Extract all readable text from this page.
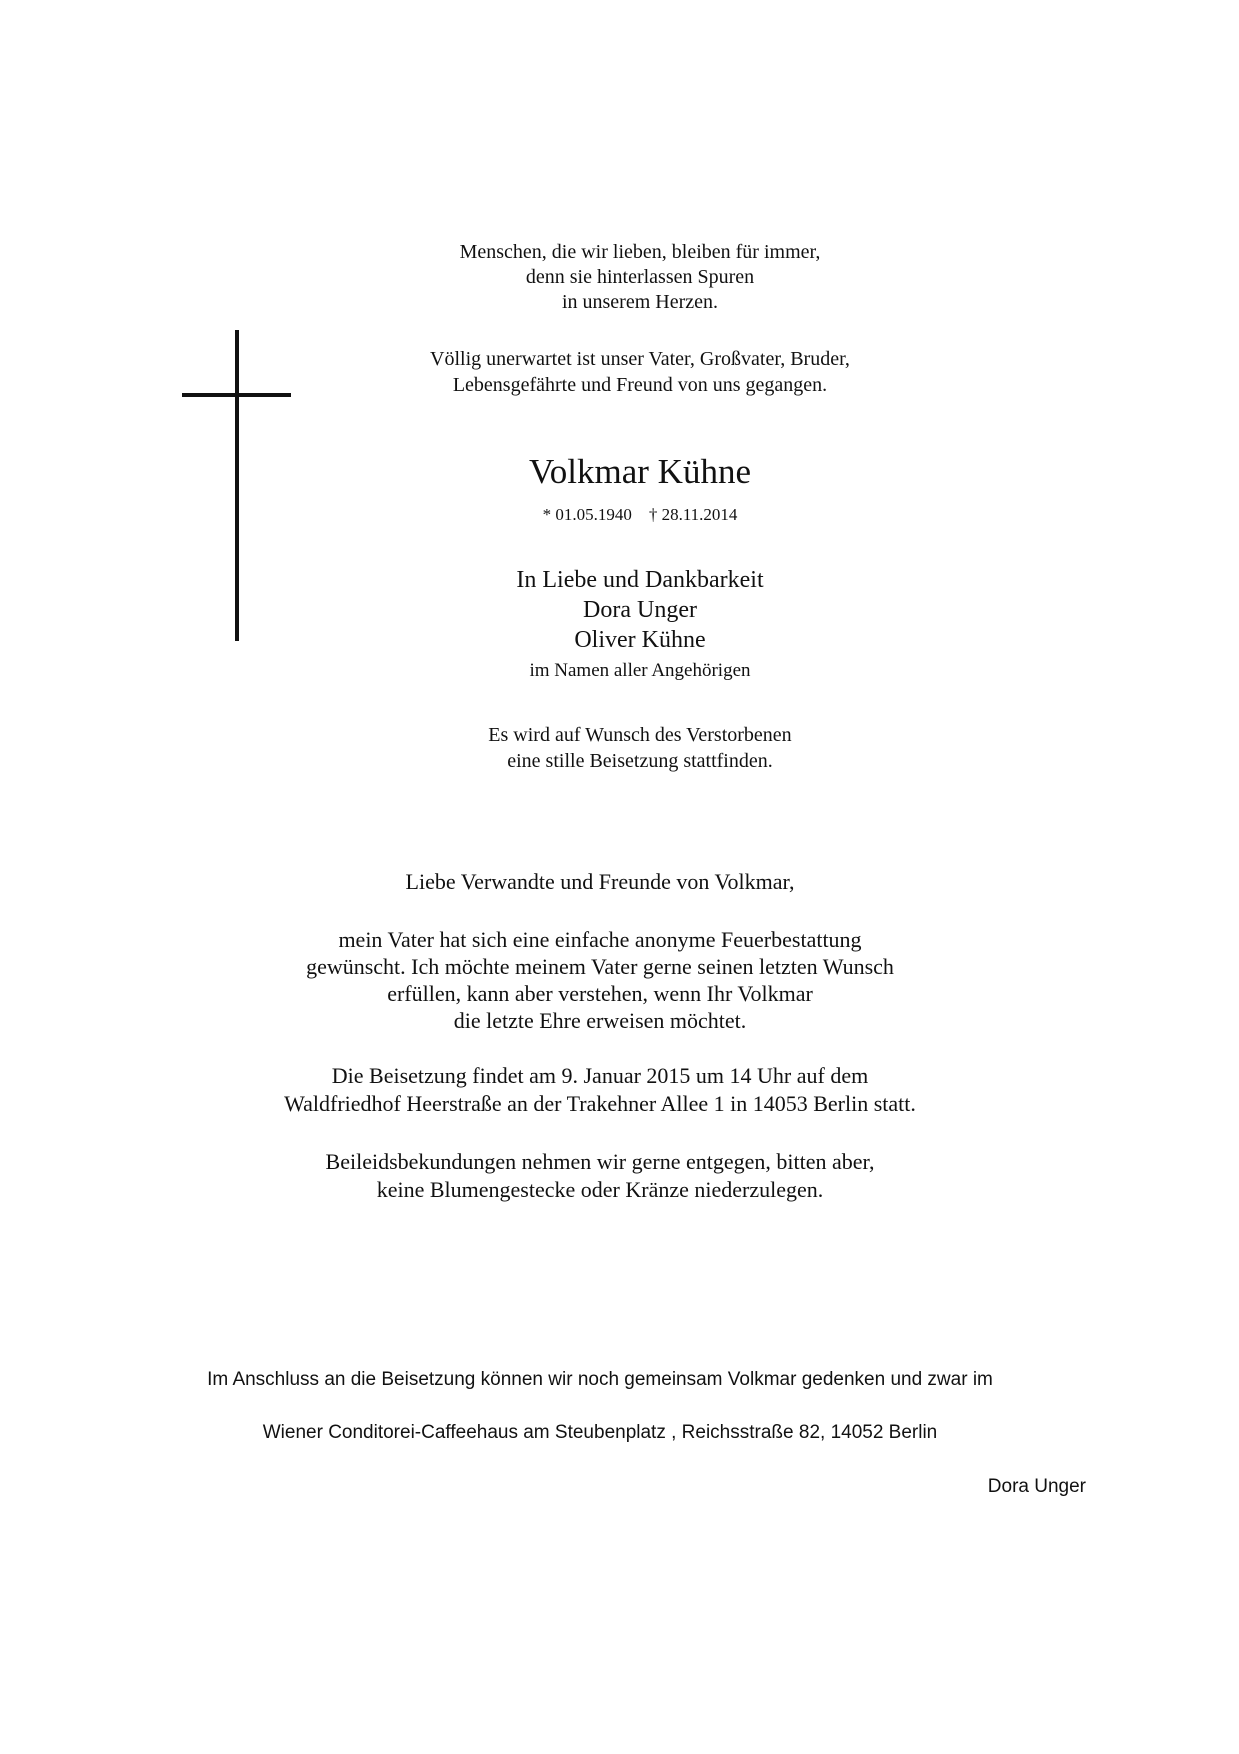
Menschen, die wir lieben, bleiben für immer,
denn sie hinterlassen Spuren
in unserem Herzen.
Völlig unerwartet ist unser Vater, Großvater, Bruder,
Lebensgefährte und Freund von uns gegangen.
Volkmar Kühne
* 01.05.1940    † 28.11.2014
In Liebe und Dankbarkeit
Dora Unger
Oliver Kühne
im Namen aller Angehörigen
Es wird auf Wunsch des Verstorbenen
eine stille Beisetzung stattfinden.
Liebe Verwandte und Freunde von Volkmar,
mein Vater hat sich eine einfache anonyme Feuerbestattung
gewünscht. Ich möchte meinem Vater gerne seinen letzten Wunsch
erfüllen, kann aber verstehen, wenn Ihr Volkmar
die letzte Ehre erweisen möchtet.
Die Beisetzung findet am 9. Januar 2015 um 14 Uhr auf dem
Waldfriedhof Heerstraße an der Trakehner Allee 1 in 14053 Berlin statt.
Beileidsbekundungen nehmen wir gerne entgegen, bitten aber,
keine Blumengestecke oder Kränze niederzulegen.
Im Anschluss an die Beisetzung können wir noch gemeinsam Volkmar gedenken und zwar im
Wiener Conditorei-Caffeehaus am Steubenplatz , Reichsstraße 82, 14052 Berlin
Dora Unger
